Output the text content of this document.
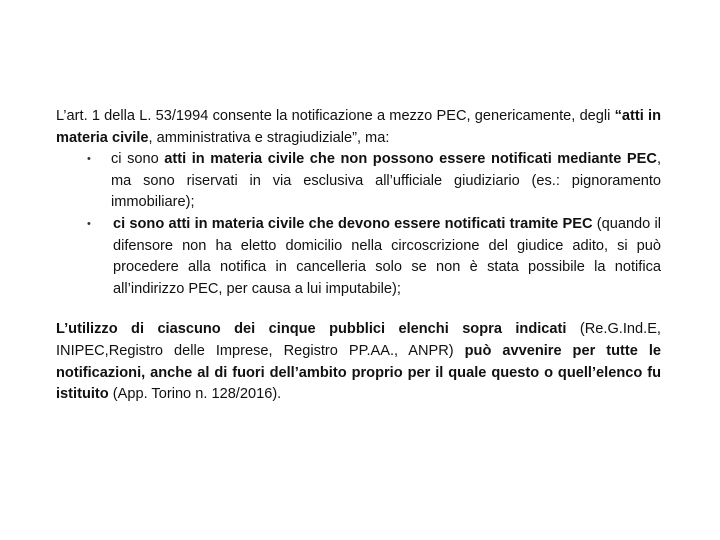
L’art. 1 della L. 53/1994 consente la notificazione a mezzo PEC, genericamente, degli “atti in materia civile, amministrativa e stragiudiziale”, ma:

• ci sono atti in materia civile che non possono essere notificati mediante PEC, ma sono riservati in via esclusiva all’ufficiale giudiziario (es.: pignoramento immobiliare);
• ci sono atti in materia civile che devono essere notificati tramite PEC (quando il difensore non ha eletto domicilio nella circoscrizione del giudice adito, si può procedere alla notifica in cancelleria solo se non è stata possibile la notifica all’indirizzo PEC, per causa a lui imputabile);

L’utilizzo di ciascuno dei cinque pubblici elenchi sopra indicati (Re.G.Ind.E, INIPEC,Registro delle Imprese, Registro PP.AA., ANPR) può avvenire per tutte le notificazioni, anche al di fuori dell’ambito proprio per il quale questo o quell’elenco fu istituito (App. Torino n. 128/2016).
